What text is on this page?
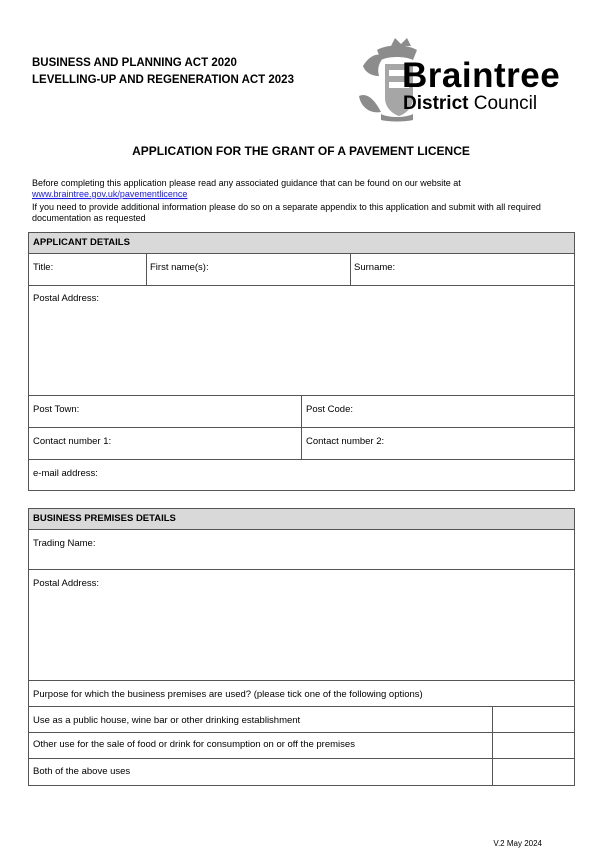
BUSINESS AND PLANNING ACT 2020
LEVELLING-UP AND REGENERATION ACT 2023	Braintree
District Council
APPLICATION FOR THE GRANT OF A PAVEMENT LICENCE

Before completing this application please read any associated guidance that can be found on our website at
www.braintree.gov.uk/pavementlicence

If you need to provide additional information please do so on a separate appendix to this application and submit with all required documentation as requested

APPLICANT DETAILS
Title:	First name(s):	Surname:
Postal Address:
Post Town:	Post Code:
Contact number 1:	Contact number 2:
e-mail address:
BUSINESS PREMISES DETAILS
Trading Name:
Postal Address:
Purpose for which the business premises are used? (please tick one of the following options)
Use as a public house, wine bar or other drinking establishment
Other use for the sale of food or drink for consumption on or off the premises
Both of the above uses
V.2 May 2024
